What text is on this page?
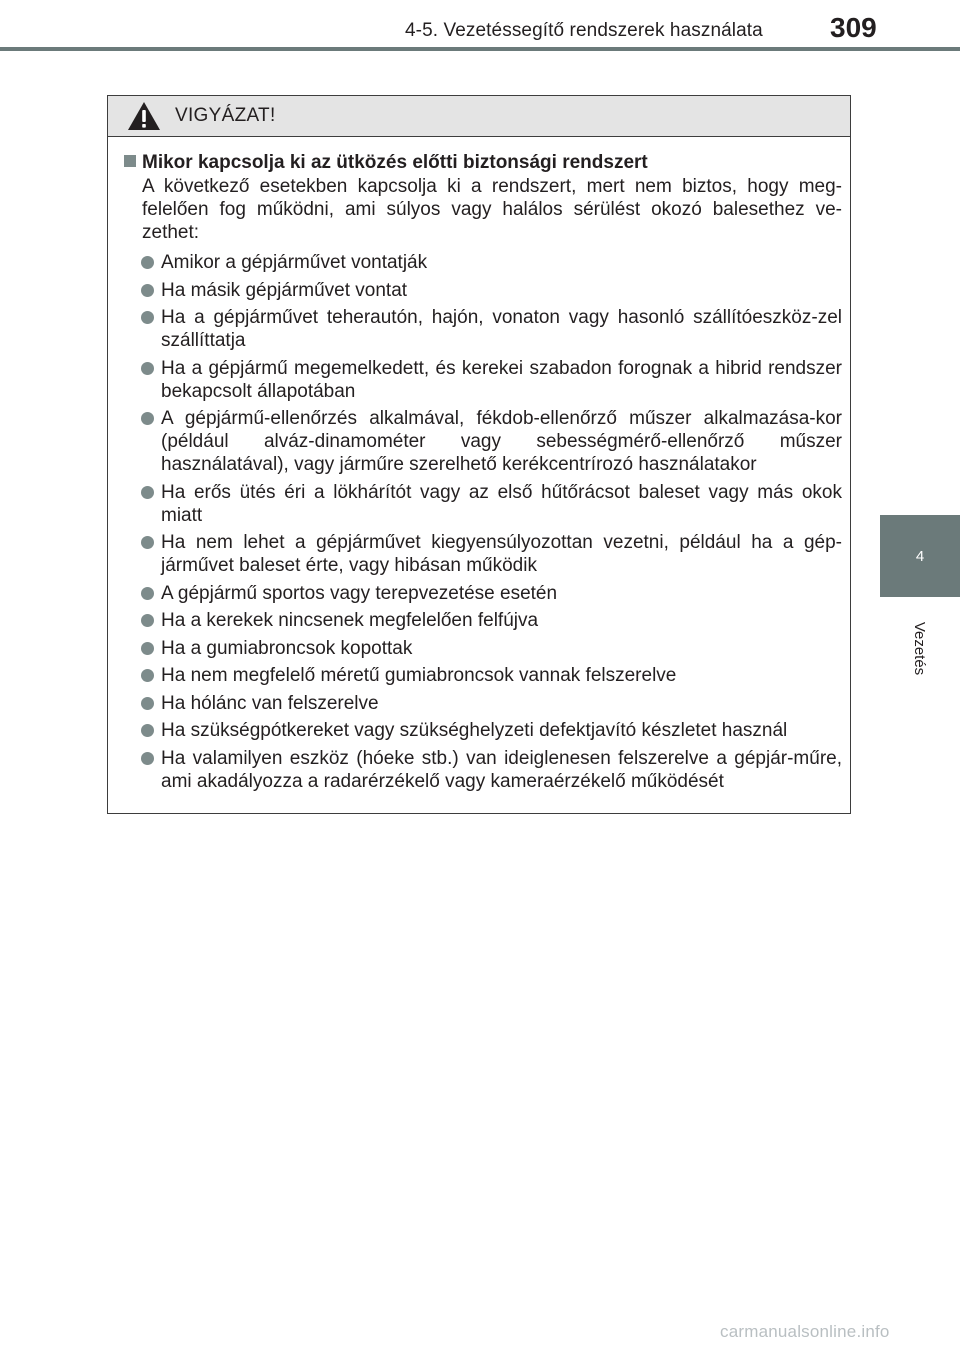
4-5. Vezetéssegítő rendszerek használata 309
4
Vezetés
VIGYÁZAT!
Mikor kapcsolja ki az ütközés előtti biztonsági rendszert
A következő esetekben kapcsolja ki a rendszert, mert nem biztos, hogy meg-felelően fog működni, ami súlyos vagy halálos sérülést okozó balesethez ve-zethet:
Amikor a gépjárművet vontatják
Ha másik gépjárművet vontat
Ha a gépjárművet teherautón, hajón, vonaton vagy hasonló szállítóeszköz-zel szállíttatja
Ha a gépjármű megemelkedett, és kerekei szabadon forognak a hibrid rendszer bekapcsolt állapotában
A gépjármű-ellenőrzés alkalmával, fékdob-ellenőrző műszer alkalmazása-kor (például alváz-dinamométer vagy sebességmérő-ellenőrző műszer használatával), vagy járműre szerelhető kerékcentrírozó használatakor
Ha erős ütés éri a lökhárítót vagy az első hűtőrácsot baleset vagy más okok miatt
Ha nem lehet a gépjárművet kiegyensúlyozottan vezetni, például ha a gép-járművet baleset érte, vagy hibásan működik
A gépjármű sportos vagy terepvezetése esetén
Ha a kerekek nincsenek megfelelően felfújva
Ha a gumiabroncsok kopottak
Ha nem megfelelő méretű gumiabroncsok vannak felszerelve
Ha hólánc van felszerelve
Ha szükségpótkereket vagy szükséghelyzeti defektjavító készletet használ
Ha valamilyen eszköz (hóeke stb.) van ideiglenesen felszerelve a gépjár-műre, ami akadályozza a radarérzékelő vagy kameraérzékelő működését
carmanualsonline.info
